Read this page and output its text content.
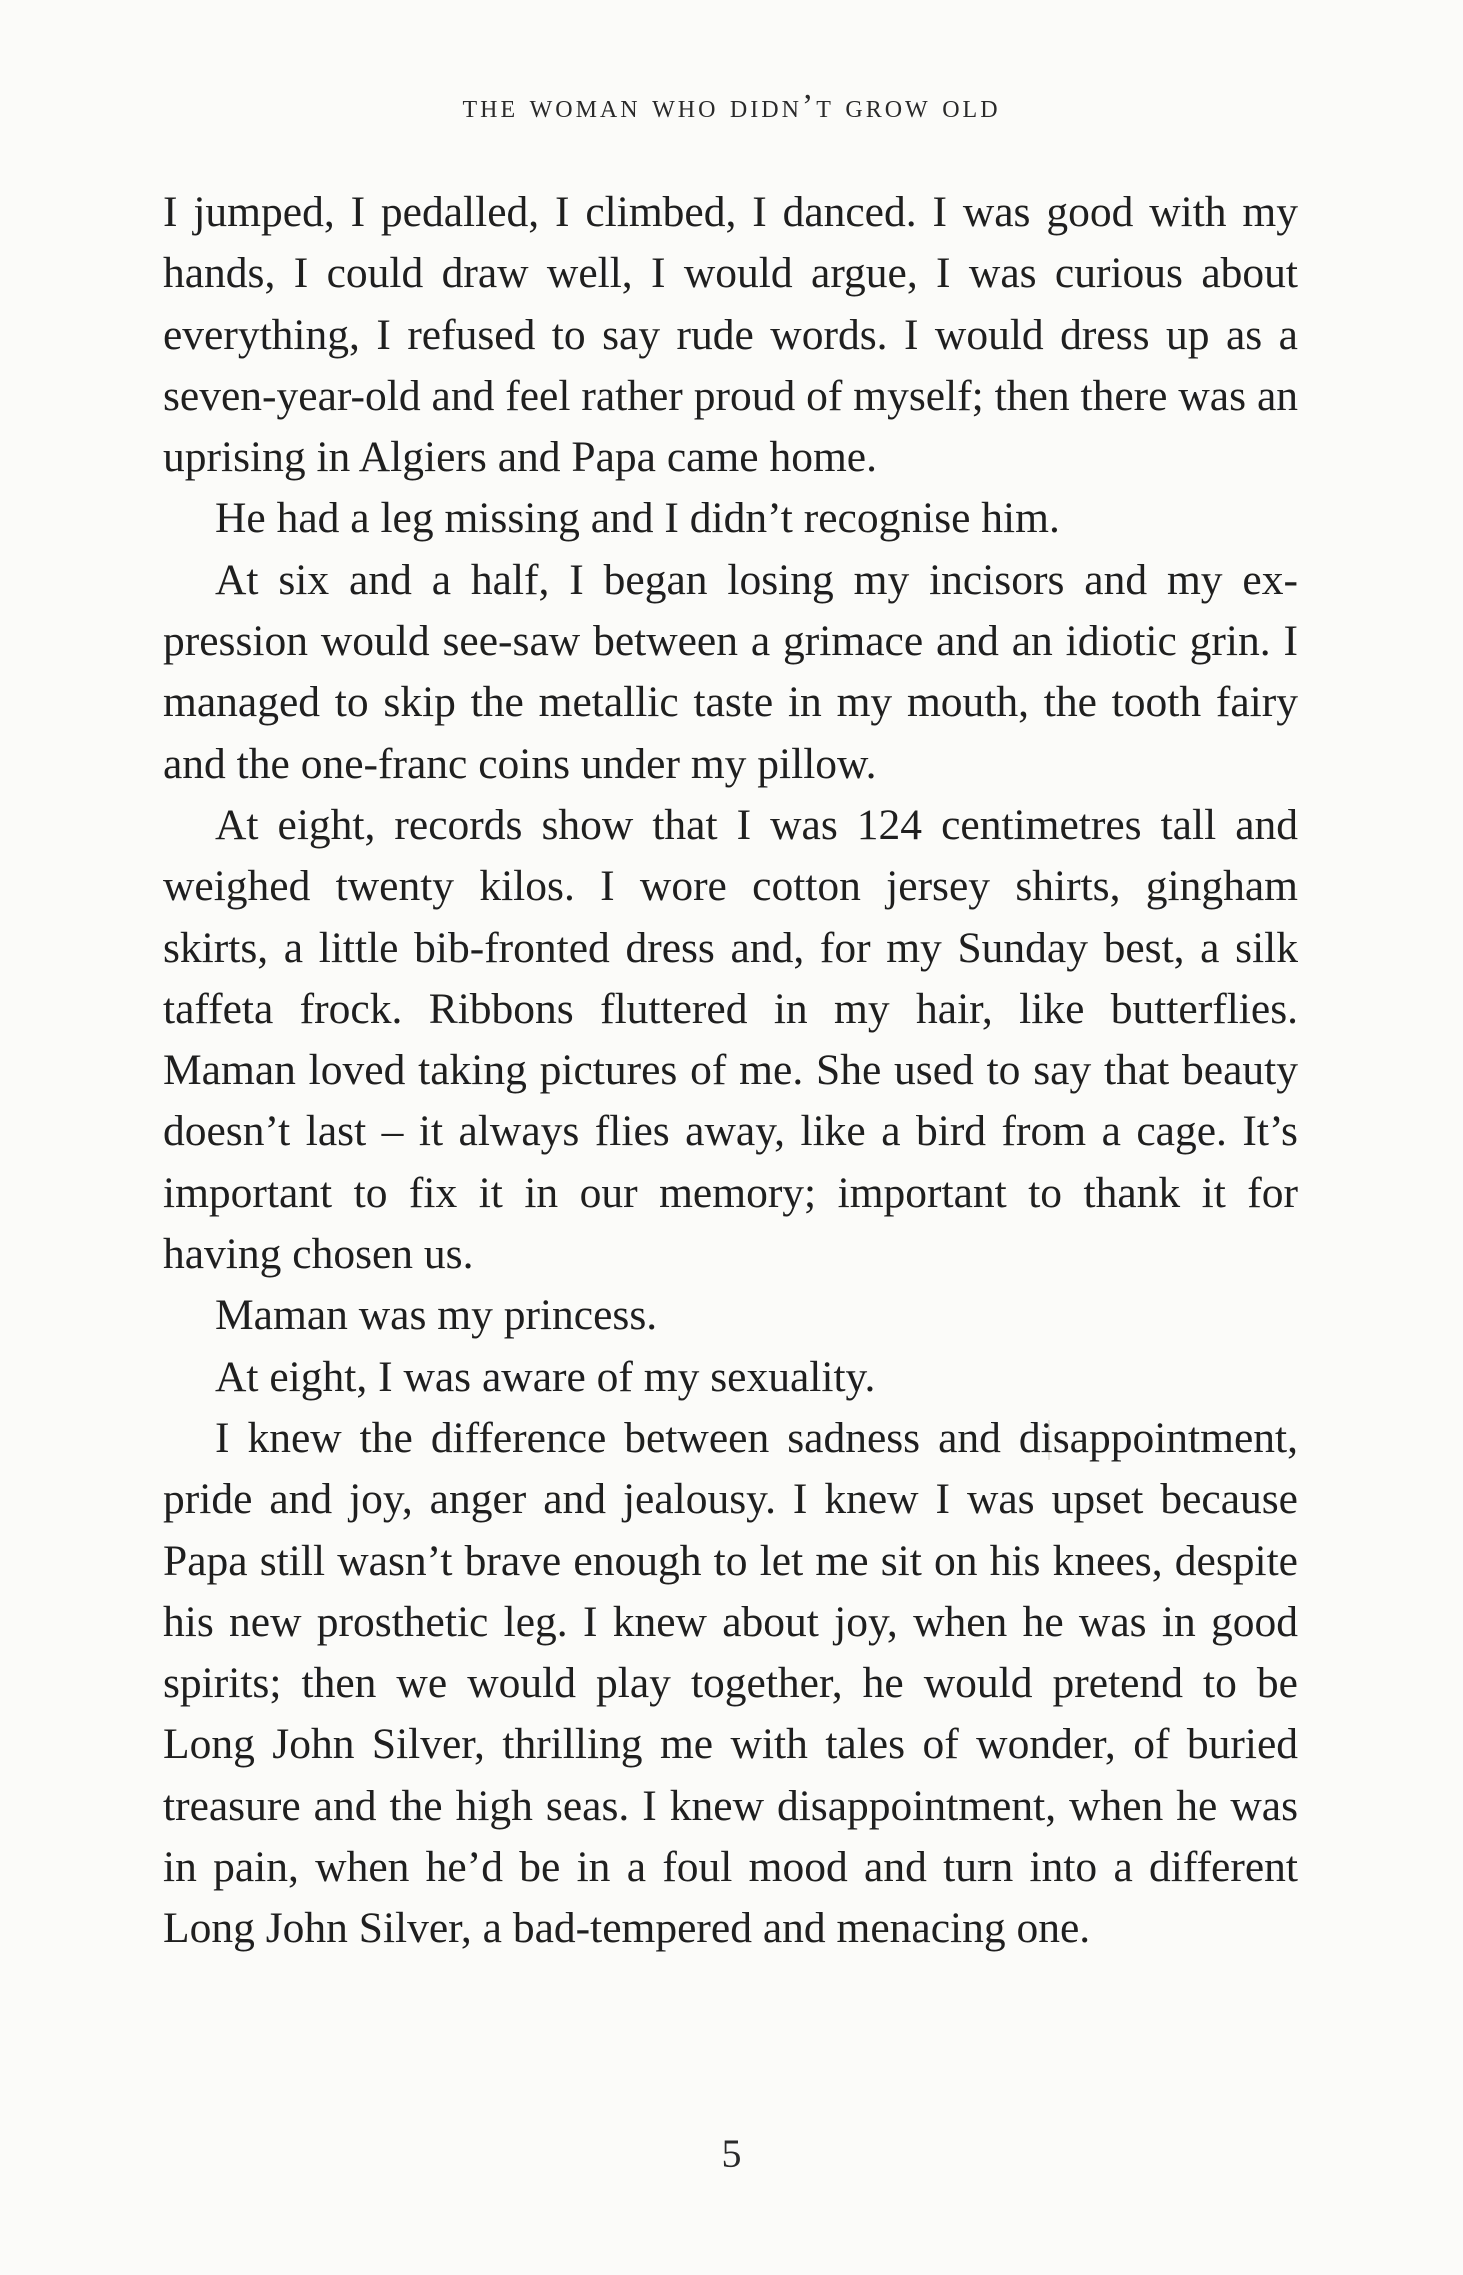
the woman who didn’t grow old

I jumped, I pedalled, I climbed, I danced. I was good with my hands, I could draw well, I would argue, I was curious about everything, I refused to say rude words. I would dress up as a seven-year-old and feel rather proud of myself; then there was an uprising in Algiers and Papa came home.

He had a leg missing and I didn’t recognise him.

At six and a half, I began losing my incisors and my expression would see-saw between a grimace and an idiotic grin. I managed to skip the metallic taste in my mouth, the tooth fairy and the one-franc coins under my pillow.

At eight, records show that I was 124 centimetres tall and weighed twenty kilos. I wore cotton jersey shirts, gingham skirts, a little bib-fronted dress and, for my Sunday best, a silk taffeta frock. Ribbons fluttered in my hair, like butterflies. Maman loved taking pictures of me. She used to say that beauty doesn’t last – it always flies away, like a bird from a cage. It’s important to fix it in our memory; important to thank it for having chosen us.

Maman was my princess.

At eight, I was aware of my sexuality.

I knew the difference between sadness and disappointment, pride and joy, anger and jealousy. I knew I was upset because Papa still wasn’t brave enough to let me sit on his knees, despite his new prosthetic leg. I knew about joy, when he was in good spirits; then we would play together, he would pretend to be Long John Silver, thrilling me with tales of wonder, of buried treasure and the high seas. I knew disappointment, when he was in pain, when he’d be in a foul mood and turn into a different Long John Silver, a bad-tempered and menacing one.

5
